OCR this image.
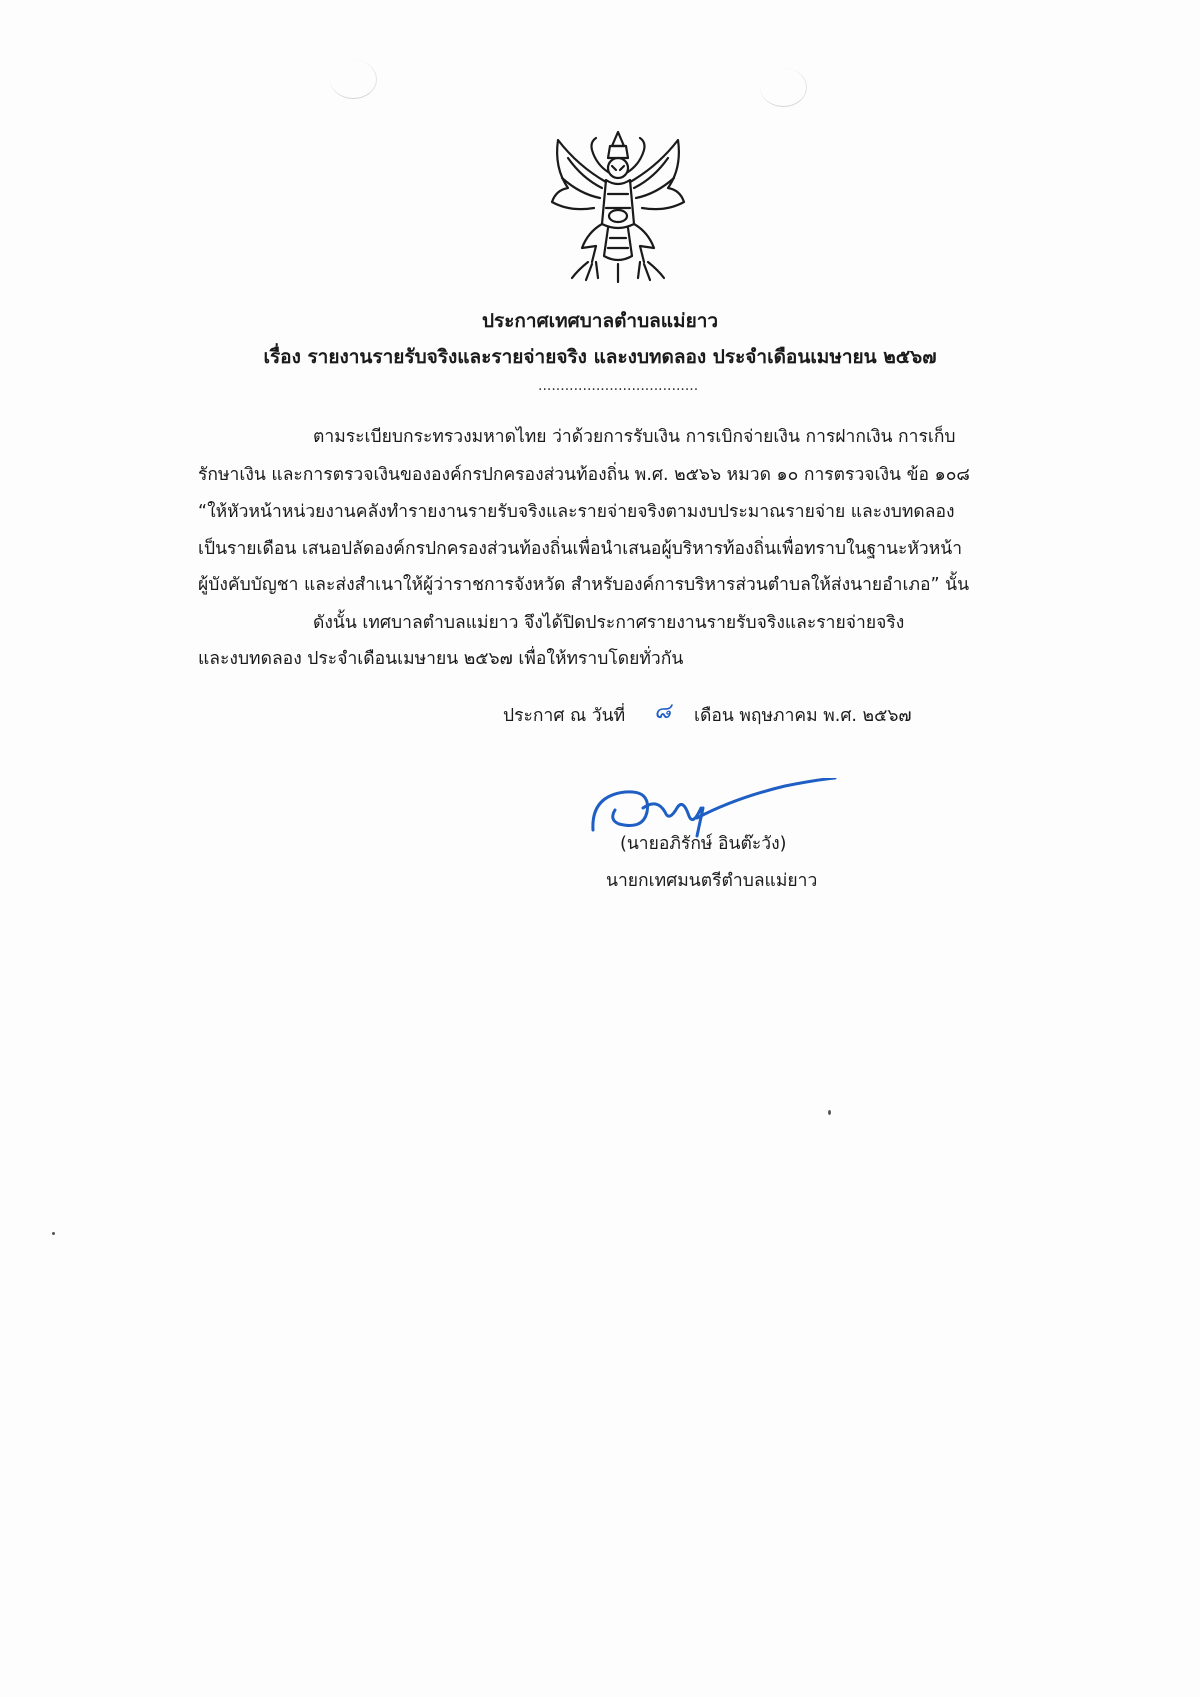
ประกาศเทศบาลตำบลแม่ยาว
เรื่อง รายงานรายรับจริงและรายจ่ายจริง และงบทดลอง ประจำเดือนเมษายน ๒๕๖๗
....................................
ตามระเบียบกระทรวงมหาดไทย ว่าด้วยการรับเงิน การเบิกจ่ายเงิน การฝากเงิน การเก็บ
รักษาเงิน และการตรวจเงินขององค์กรปกครองส่วนท้องถิ่น พ.ศ. ๒๕๖๖ หมวด ๑๐ การตรวจเงิน ข้อ ๑๐๘
“ให้หัวหน้าหน่วยงานคลังทำรายงานรายรับจริงและรายจ่ายจริงตามงบประมาณรายจ่าย และงบทดลอง
เป็นรายเดือน เสนอปลัดองค์กรปกครองส่วนท้องถิ่นเพื่อนำเสนอผู้บริหารท้องถิ่นเพื่อทราบในฐานะหัวหน้า
ผู้บังคับบัญชา และส่งสำเนาให้ผู้ว่าราชการจังหวัด สำหรับองค์การบริหารส่วนตำบลให้ส่งนายอำเภอ” นั้น
ดังนั้น เทศบาลตำบลแม่ยาว จึงได้ปิดประกาศรายงานรายรับจริงและรายจ่ายจริง
และงบทดลอง ประจำเดือนเมษายน ๒๕๖๗ เพื่อให้ทราบโดยทั่วกัน
ประกาศ ณ วันที่ ๘ เดือน พฤษภาคม พ.ศ. ๒๕๖๗
(นายอภิรักษ์ อินต๊ะวัง)
นายกเทศมนตรีตำบลแม่ยาว
